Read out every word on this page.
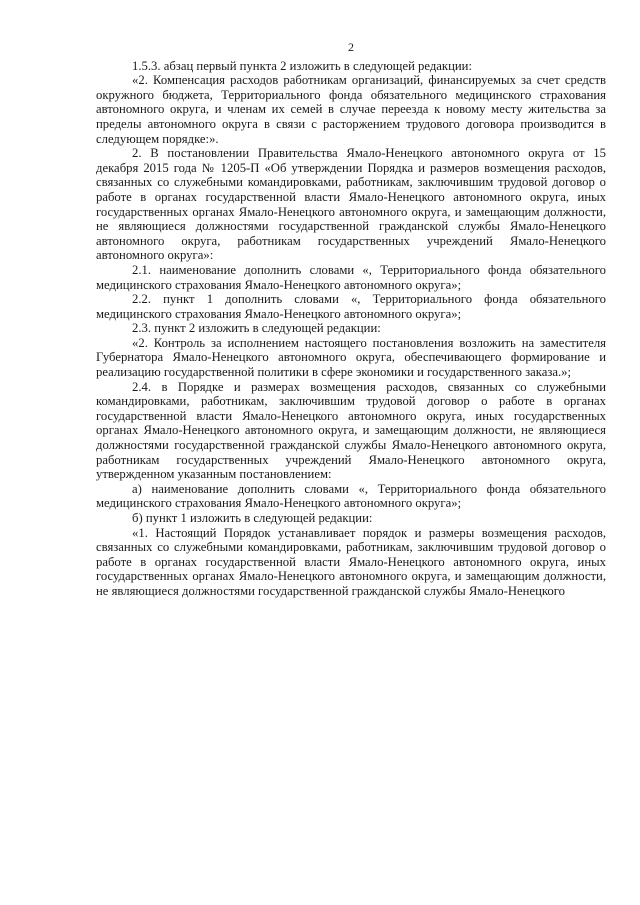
2

1.5.3. абзац первый пункта 2 изложить в следующей редакции:

«2. Компенсация расходов работникам организаций, финансируемых за счет средств окружного бюджета, Территориального фонда обязательного медицинского страхования автономного округа, и членам их семей в случае переезда к новому месту жительства за пределы автономного округа в связи с расторжением трудового договора производится в следующем порядке:».

2. В постановлении Правительства Ямало-Ненецкого автономного округа от 15 декабря 2015 года № 1205-П «Об утверждении Порядка и размеров возмещения расходов, связанных со служебными командировками, работникам, заключившим трудовой договор о работе в органах государственной власти Ямало-Ненецкого автономного округа, иных государственных органах Ямало-Ненецкого автономного округа, и замещающим должности, не являющиеся должностями государственной гражданской службы Ямало-Ненецкого автономного округа, работникам государственных учреждений Ямало-Ненецкого автономного округа»:

2.1. наименование дополнить словами «, Территориального фонда обязательного медицинского страхования Ямало-Ненецкого автономного округа»;

2.2. пункт 1 дополнить словами «, Территориального фонда обязательного медицинского страхования Ямало-Ненецкого автономного округа»;

2.3. пункт 2 изложить в следующей редакции:

«2. Контроль за исполнением настоящего постановления возложить на заместителя Губернатора Ямало-Ненецкого автономного округа, обеспечивающего формирование и реализацию государственной политики в сфере экономики и государственного заказа.»;

2.4. в Порядке и размерах возмещения расходов, связанных со служебными командировками, работникам, заключившим трудовой договор о работе в органах государственной власти Ямало-Ненецкого автономного округа, иных государственных органах Ямало-Ненецкого автономного округа, и замещающим должности, не являющиеся должностями государственной гражданской службы Ямало-Ненецкого автономного округа, работникам государственных учреждений Ямало-Ненецкого автономного округа, утвержденном указанным постановлением:

а) наименование дополнить словами «, Территориального фонда обязательного медицинского страхования Ямало-Ненецкого автономного округа»;

б) пункт 1 изложить в следующей редакции:

«1. Настоящий Порядок устанавливает порядок и размеры возмещения расходов, связанных со служебными командировками, работникам, заключившим трудовой договор о работе в органах государственной власти Ямало-Ненецкого автономного округа, иных государственных органах Ямало-Ненецкого автономного округа, и замещающим должности, не являющиеся должностями государственной гражданской службы Ямало-Ненецкого
